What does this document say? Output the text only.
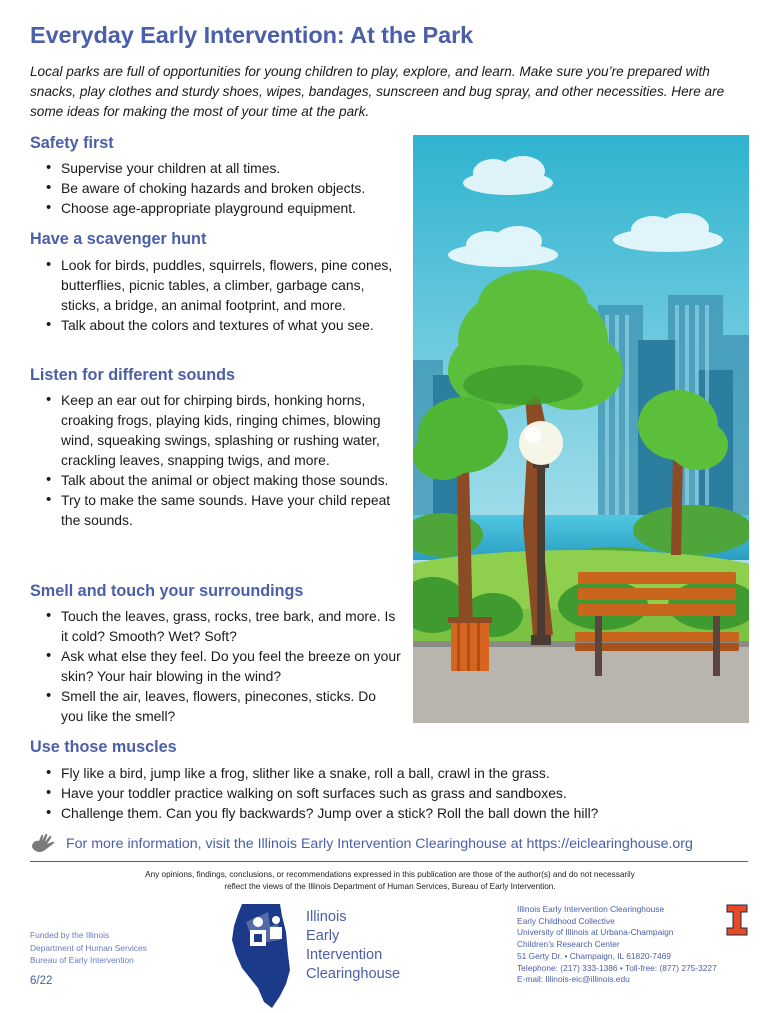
Everyday Early Intervention: At the Park

Local parks are full of opportunities for young children to play, explore, and learn. Make sure you’re prepared with snacks, play clothes and sturdy shoes, wipes, bandages, sunscreen and bug spray, and other necessities. Here are some ideas for making the most of your time at the park.

Safety first
• Supervise your children at all times.
• Be aware of choking hazards and broken objects.
• Choose age-appropriate playground equipment.
Have a scavenger hunt
• Look for birds, puddles, squirrels, flowers, pine cones, butterflies, picnic tables, a climber, garbage cans, sticks, a bridge, an animal footprint, and more.
• Talk about the colors and textures of what you see.
Listen for different sounds
• Keep an ear out for chirping birds, honking horns, croaking frogs, playing kids, ringing chimes, blowing wind, squeaking swings, splashing or rushing water, crackling leaves, snapping twigs, and more.
• Talk about the animal or object making those sounds.
• Try to make the same sounds. Have your child repeat the sounds.
Smell and touch your surroundings
• Touch the leaves, grass, rocks, tree bark, and more. Is it cold? Smooth? Wet? Soft?
• Ask what else they feel. Do you feel the breeze on your skin? Your hair blowing in the wind?
• Smell the air, leaves, flowers, pinecones, sticks. Do you like the smell?
Use those muscles
• Fly like a bird, jump like a frog, slither like a snake, roll a ball, crawl in the grass.
• Have your toddler practice walking on soft surfaces such as grass and sandboxes.
• Challenge them. Can you fly backwards? Jump over a stick? Roll the ball down the hill?
For more information, visit the Illinois Early Intervention Clearinghouse at https://eiclearinghouse.org
Any opinions, findings, conclusions, or recommendations expressed in this publication are those of the author(s) and do not necessarily
reflect the views of the Illinois Department of Human Services, Bureau of Early Intervention.
Funded by the Illinois
Department of Human Services
Bureau of Early Intervention
6/22
Illinois
Early
Intervention
Clearinghouse
Illinois Early Intervention Clearinghouse
Early Childhood Collective
University of Illinois at Urbana-Champaign
Children’s Research Center
51 Gerty Dr. • Champaign, IL 61820-7469
Telephone: (217) 333-1386 • Toll-free: (877) 275-3227
E-mail: Illinois-eic@illinois.edu
